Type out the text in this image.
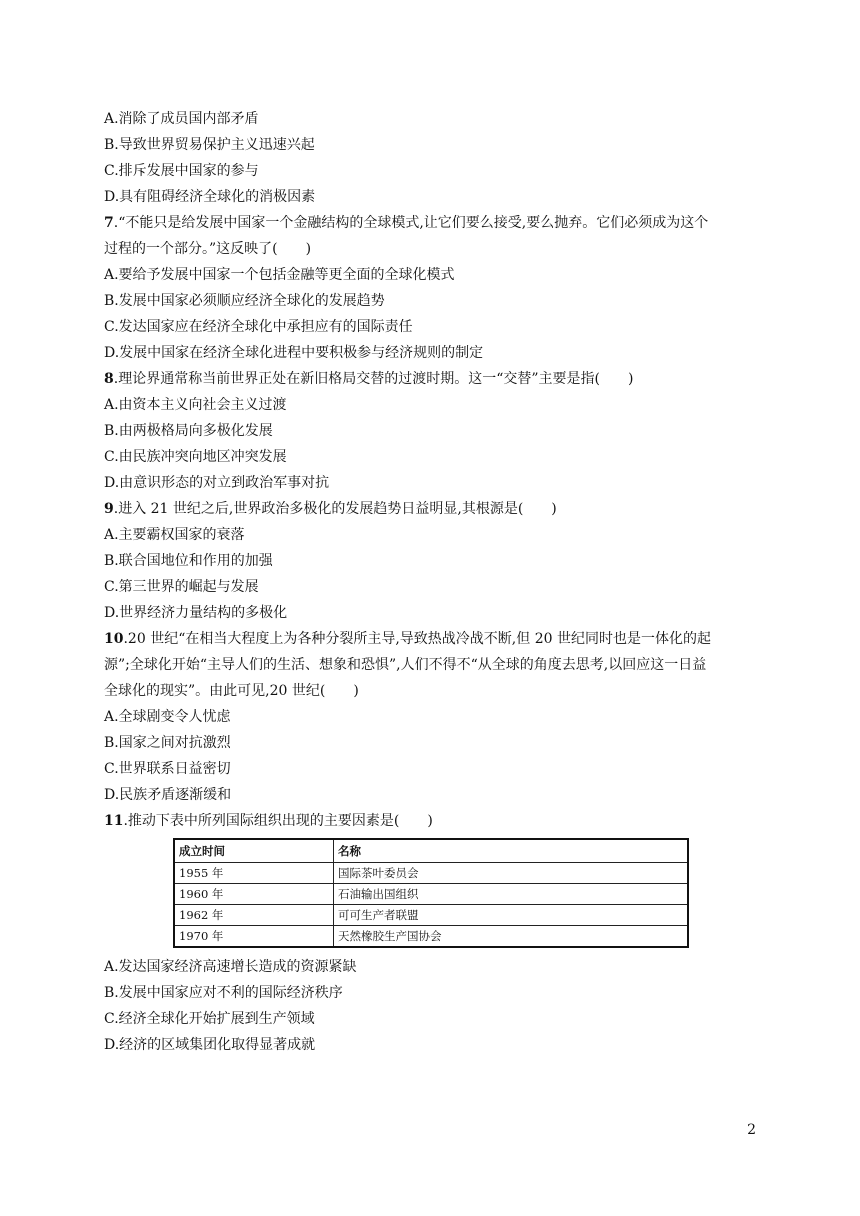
A.消除了成员国内部矛盾
B.导致世界贸易保护主义迅速兴起
C.排斥发展中国家的参与
D.具有阻碍经济全球化的消极因素
7.“不能只是给发展中国家一个金融结构的全球模式,让它们要么接受,要么抛弃。它们必须成为这个
过程的一个部分。”这反映了(　　)
A.要给予发展中国家一个包括金融等更全面的全球化模式
B.发展中国家必须顺应经济全球化的发展趋势
C.发达国家应在经济全球化中承担应有的国际责任
D.发展中国家在经济全球化进程中要积极参与经济规则的制定
8.理论界通常称当前世界正处在新旧格局交替的过渡时期。这一“交替”主要是指(　　)
A.由资本主义向社会主义过渡
B.由两极格局向多极化发展
C.由民族冲突向地区冲突发展
D.由意识形态的对立到政治军事对抗
9.进入 21 世纪之后,世界政治多极化的发展趋势日益明显,其根源是(　　)
A.主要霸权国家的衰落
B.联合国地位和作用的加强
C.第三世界的崛起与发展
D.世界经济力量结构的多极化
10.20 世纪“在相当大程度上为各种分裂所主导,导致热战冷战不断,但 20 世纪同时也是一体化的起
源”;全球化开始“主导人们的生活、想象和恐惧”,人们不得不“从全球的角度去思考,以回应这一日益
全球化的现实”。由此可见,20 世纪(　　)
A.全球剧变令人忧虑
B.国家之间对抗激烈
C.世界联系日益密切
D.民族矛盾逐渐缓和
11.推动下表中所列国际组织出现的主要因素是(　　)
成立时间	名称
1955 年	国际茶叶委员会
1960 年	石油输出国组织
1962 年	可可生产者联盟
1970 年	天然橡胶生产国协会
A.发达国家经济高速增长造成的资源紧缺
B.发展中国家应对不利的国际经济秩序
C.经济全球化开始扩展到生产领域
D.经济的区域集团化取得显著成就
2
